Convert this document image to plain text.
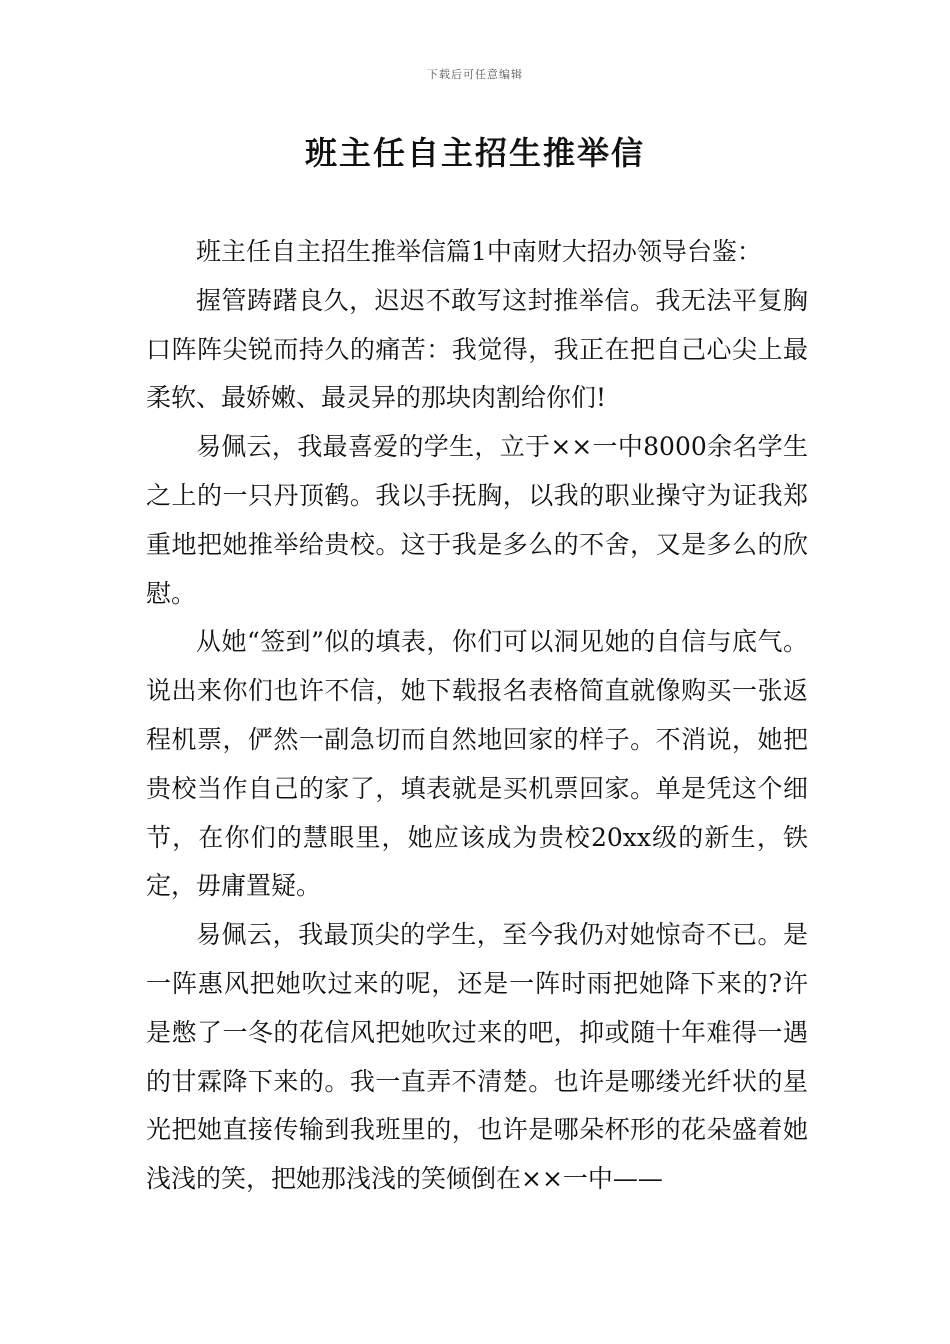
下载后可任意编辑
班主任自主招生推举信

班主任自主招生推举信篇1中南财大招办领导台鉴：

握管踌躇良久，迟迟不敢写这封推举信。我无法平复胸口阵阵尖锐而持久的痛苦：我觉得，我正在把自己心尖上最柔软、最娇嫩、最灵异的那块肉割给你们!

易佩云，我最喜爱的学生，立于××一中8000余名学生之上的一只丹顶鹤。我以手抚胸，以我的职业操守为证我郑重地把她推举给贵校。这于我是多么的不舍，又是多么的欣慰。

从她“签到”似的填表，你们可以洞见她的自信与底气。说出来你们也许不信，她下载报名表格简直就像购买一张返程机票，俨然一副急切而自然地回家的样子。不消说，她把贵校当作自己的家了，填表就是买机票回家。单是凭这个细节，在你们的慧眼里，她应该成为贵校20xx级的新生，铁定，毋庸置疑。

易佩云，我最顶尖的学生，至今我仍对她惊奇不已。是一阵惠风把她吹过来的呢，还是一阵时雨把她降下来的?许是憋了一冬的花信风把她吹过来的吧，抑或随十年难得一遇的甘霖降下来的。我一直弄不清楚。也许是哪缕光纤状的星光把她直接传输到我班里的，也许是哪朵杯形的花朵盛着她浅浅的笑，把她那浅浅的笑倾倒在××一中——
